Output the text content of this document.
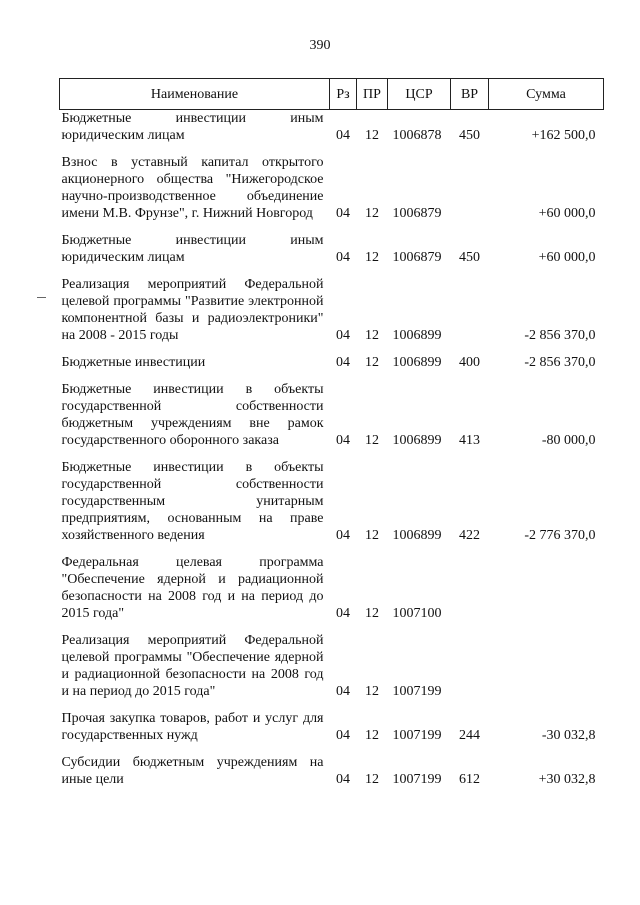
390
Наименование	Рз	ПР	ЦСР	ВР	Сумма
Бюджетные инвестиции иным юридическим лицам	04	12	1006878	450	+162 500,0

Взнос в уставный капитал открытого акционерного общества "Нижегородское научно-производственное объединение имени М.В. Фрунзе", г. Нижний Новгород	04	12	1006879		+60 000,0

Бюджетные инвестиции иным юридическим лицам	04	12	1006879	450	+60 000,0

Реализация мероприятий Федеральной целевой программы "Развитие электронной компонентной базы и радиоэлектроники" на 2008 - 2015 годы	04	12	1006899		-2 856 370,0

Бюджетные инвестиции	04	12	1006899	400	-2 856 370,0

Бюджетные инвестиции в объекты государственной собственности бюджетным учреждениям вне рамок государственного оборонного заказа	04	12	1006899	413	-80 000,0

Бюджетные инвестиции в объекты государственной собственности государственным унитарным предприятиям, основанным на праве хозяйственного ведения	04	12	1006899	422	-2 776 370,0

Федеральная целевая программа "Обеспечение ядерной и радиационной безопасности на 2008 год и на период до 2015 года"	04	12	1007100		

Реализация мероприятий Федеральной целевой программы "Обеспечение ядерной и радиационной безопасности на 2008 год и на период до 2015 года"	04	12	1007199		

Прочая закупка товаров, работ и услуг для государственных нужд	04	12	1007199	244	-30 032,8

Субсидии бюджетным учреждениям на иные цели	04	12	1007199	612	+30 032,8
